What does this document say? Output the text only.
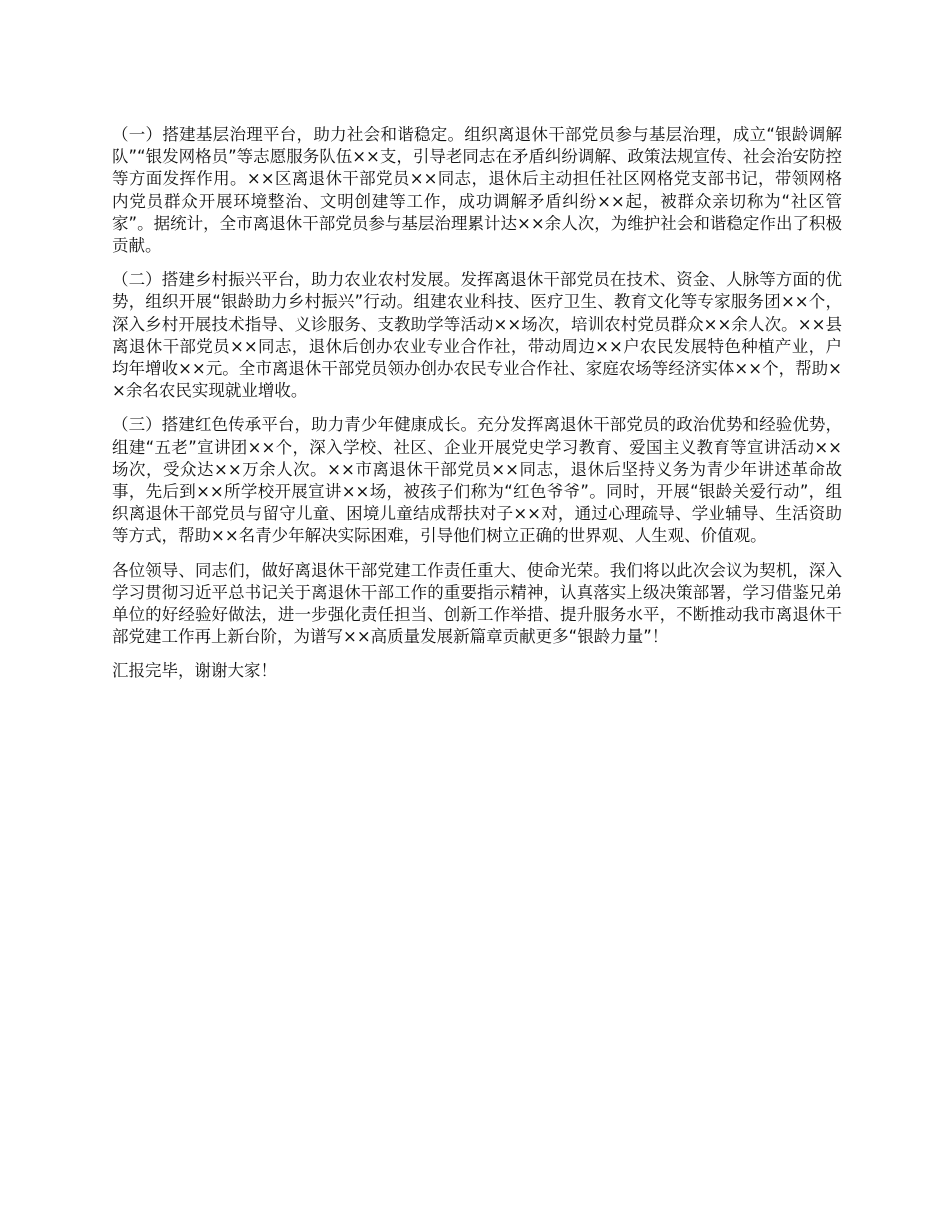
（一）搭建基层治理平台，助力社会和谐稳定。组织离退休干部党员参与基层治理，成立“银龄调解队”“银发网格员”等志愿服务队伍××支，引导老同志在矛盾纠纷调解、政策法规宣传、社会治安防控等方面发挥作用。××区离退休干部党员××同志，退休后主动担任社区网格党支部书记，带领网格内党员群众开展环境整治、文明创建等工作，成功调解矛盾纠纷××起，被群众亲切称为“社区管家”。据统计，全市离退休干部党员参与基层治理累计达××余人次，为维护社会和谐稳定作出了积极贡献。

（二）搭建乡村振兴平台，助力农业农村发展。发挥离退休干部党员在技术、资金、人脉等方面的优势，组织开展“银龄助力乡村振兴”行动。组建农业科技、医疗卫生、教育文化等专家服务团××个，深入乡村开展技术指导、义诊服务、支教助学等活动××场次，培训农村党员群众××余人次。××县离退休干部党员××同志，退休后创办农业专业合作社，带动周边××户农民发展特色种植产业，户均年增收××元。全市离退休干部党员领办创办农民专业合作社、家庭农场等经济实体××个，帮助××余名农民实现就业增收。

（三）搭建红色传承平台，助力青少年健康成长。充分发挥离退休干部党员的政治优势和经验优势，组建“五老”宣讲团××个，深入学校、社区、企业开展党史学习教育、爱国主义教育等宣讲活动××场次，受众达××万余人次。××市离退休干部党员××同志，退休后坚持义务为青少年讲述革命故事，先后到××所学校开展宣讲××场，被孩子们称为“红色爷爷”。同时，开展“银龄关爱行动”，组织离退休干部党员与留守儿童、困境儿童结成帮扶对子××对，通过心理疏导、学业辅导、生活资助等方式，帮助××名青少年解决实际困难，引导他们树立正确的世界观、人生观、价值观。

各位领导、同志们，做好离退休干部党建工作责任重大、使命光荣。我们将以此次会议为契机，深入学习贯彻习近平总书记关于离退休干部工作的重要指示精神，认真落实上级决策部署，学习借鉴兄弟单位的好经验好做法，进一步强化责任担当、创新工作举措、提升服务水平，不断推动我市离退休干部党建工作再上新台阶，为谱写××高质量发展新篇章贡献更多“银龄力量”！

汇报完毕，谢谢大家！
